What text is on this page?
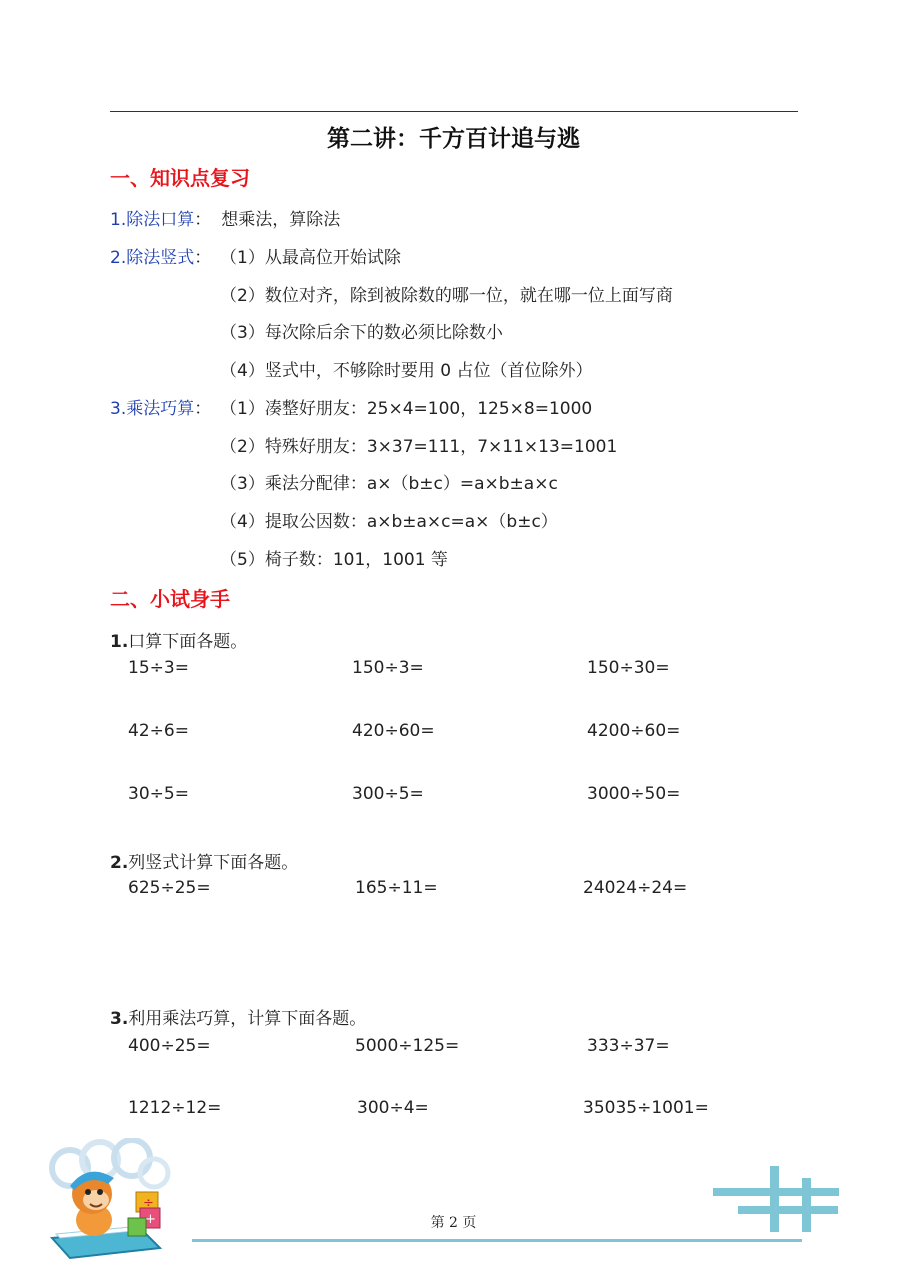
第二讲：千方百计追与逃
一、知识点复习
1.除法口算： 想乘法，算除法
2.除法竖式： （1）从最高位开始试除
（2）数位对齐，除到被除数的哪一位，就在哪一位上面写商
（3）每次除后余下的数必须比除数小
（4）竖式中，不够除时要用 0 占位（首位除外）
3.乘法巧算： （1）凑整好朋友：25×4=100，125×8=1000
（2）特殊好朋友：3×37=111，7×11×13=1001
（3）乘法分配律：a×（b±c）=a×b±a×c
（4）提取公因数：a×b±a×c=a×（b±c）
（5）椅子数：101，1001 等
二、小试身手
1.口算下面各题。
15÷3=	150÷3=	150÷30=
42÷6=	420÷60=	4200÷60=
30÷5=	300÷5=	3000÷50=
2.列竖式计算下面各题。
625÷25=	165÷11=	24024÷24=
3.利用乘法巧算，计算下面各题。
400÷25=	5000÷125=	333÷37=
1212÷12=	300÷4=	35035÷1001=
÷
+	第 2 页
